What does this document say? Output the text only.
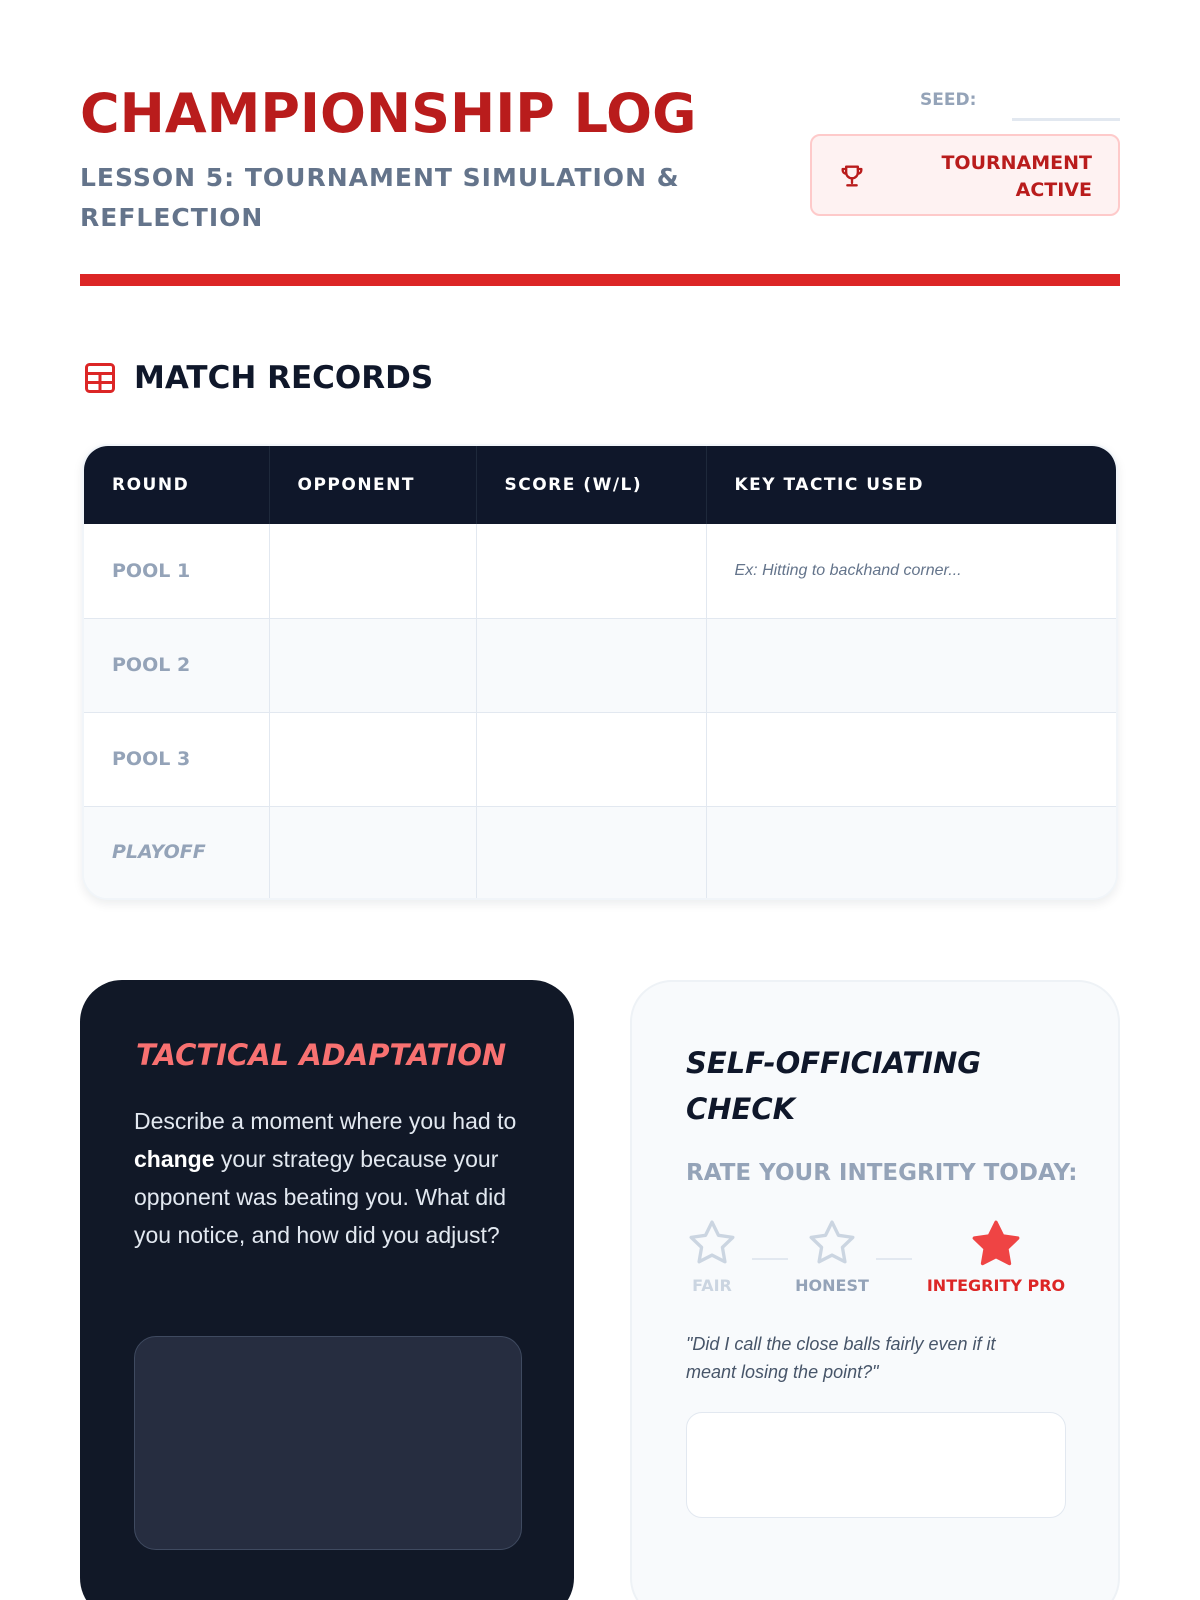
CHAMPIONSHIP LOG
LESSON 5: TOURNAMENT SIMULATION & REFLECTION
SEED:
TOURNAMENT ACTIVE
MATCH RECORDS
ROUND	OPPONENT	SCORE (W/L)	KEY TACTIC USED
POOL 1			Ex: Hitting to backhand corner...
POOL 2			
POOL 3			
PLAYOFF			
TACTICAL ADAPTATION
Describe a moment where you had to change your strategy because your opponent was beating you. What did you notice, and how did you adjust?
SELF-OFFICIATING CHECK
RATE YOUR INTEGRITY TODAY:
FAIR	HONEST	INTEGRITY PRO
"Did I call the close balls fairly even if it meant losing the point?"
